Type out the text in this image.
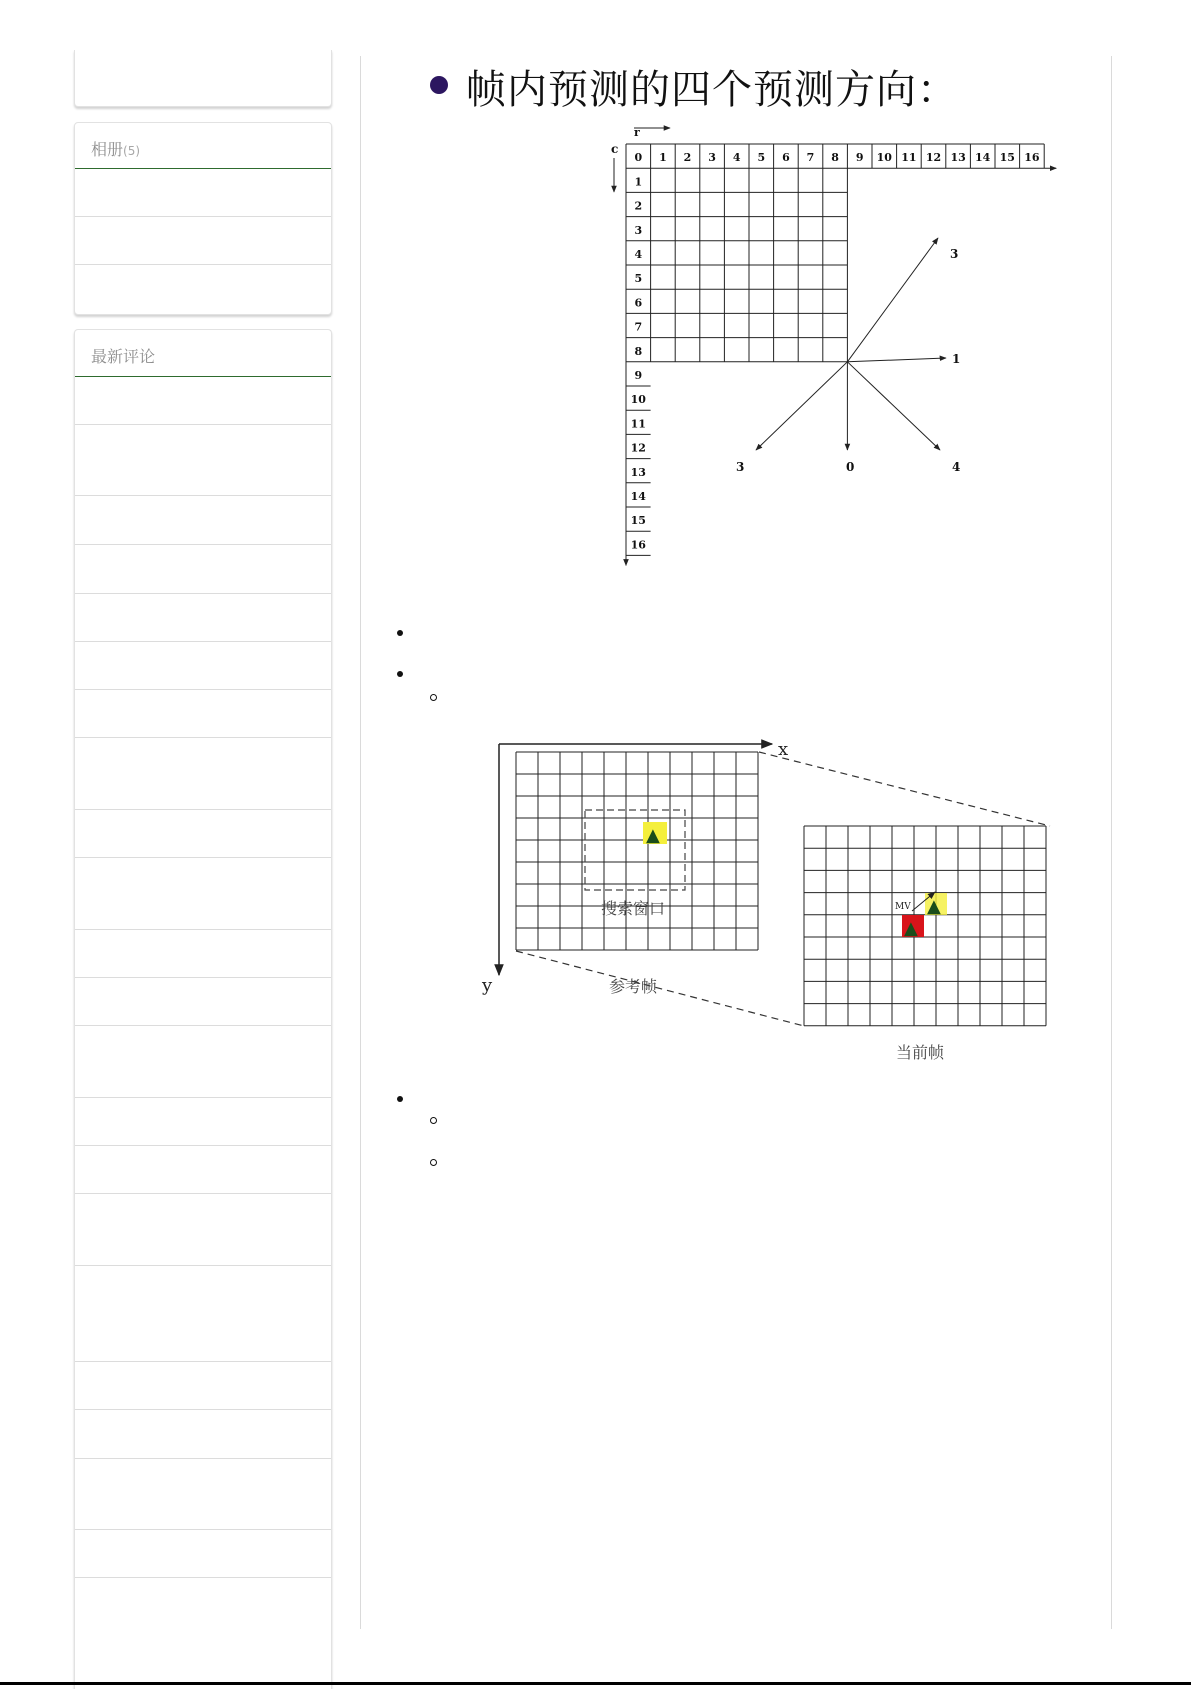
相册(5)
最新评论
帧内预测的四个预测方向：
0 1 2 3 4 5 6 7 8 9 10 11 12 13 14 15 16
1
2
3
4
5
6
7
8
9
10
11
12
13
14
15
16
r
c
3
1
3	0	4
x
y
▲
搜索窗口
参考帧
▲
▲
MV
当前帧
